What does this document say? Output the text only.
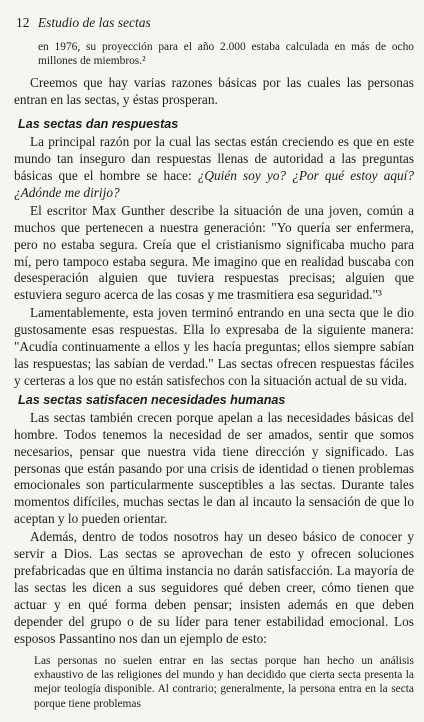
12 Estudio de las sectas

en 1976, su proyección para el año 2.000 estaba calculada en más de ocho millones de miembros.²

Creemos que hay varias razones básicas por las cuales las personas entran en las sectas, y éstas prosperan.

Las sectas dan respuestas

La principal razón por la cual las sectas están creciendo es que en este mundo tan inseguro dan respuestas llenas de autoridad a las preguntas básicas que el hombre se hace: ¿Quién soy yo? ¿Por qué estoy aquí? ¿Adónde me dirijo?

El escritor Max Gunther describe la situación de una joven, común a muchos que pertenecen a nuestra generación: "Yo quería ser enfermera, pero no estaba segura. Creía que el cristianismo significaba mucho para mí, pero tampoco estaba segura. Me imagino que en realidad buscaba con desesperación alguien que tuviera respuestas precisas; alguien que estuviera seguro acerca de las cosas y me trasmitiera esa seguridad."³

Lamentablemente, esta joven terminó entrando en una secta que le dio gustosamente esas respuestas. Ella lo expresaba de la siguiente manera: "Acudía continuamente a ellos y les hacía preguntas; ellos siempre sabían las respuestas; las sabían de verdad." Las sectas ofrecen respuestas fáciles y certeras a los que no están satisfechos con la situación actual de su vida.

Las sectas satisfacen necesidades humanas

Las sectas también crecen porque apelan a las necesidades básicas del hombre. Todos tenemos la necesidad de ser amados, sentir que somos necesarios, pensar que nuestra vida tiene dirección y significado. Las personas que están pasando por una crisis de identidad o tienen problemas emocionales son particularmente susceptibles a las sectas. Durante tales momentos difíciles, muchas sectas le dan al incauto la sensación de que lo aceptan y lo pueden orientar.

Además, dentro de todos nosotros hay un deseo básico de conocer y servir a Dios. Las sectas se aprovechan de esto y ofrecen soluciones prefabricadas que en última instancia no darán satisfacción. La mayoría de las sectas les dicen a sus seguidores qué deben creer, cómo tienen que actuar y en qué forma deben pensar; insisten además en que deben depender del grupo o de su líder para tener estabilidad emocional. Los esposos Passantino nos dan un ejemplo de esto:

Las personas no suelen entrar en las sectas porque han hecho un análisis exhaustivo de las religiones del mundo y han decidido que cierta secta presenta la mejor teología disponible. Al contrario; generalmente, la persona entra en la secta porque tiene problemas
